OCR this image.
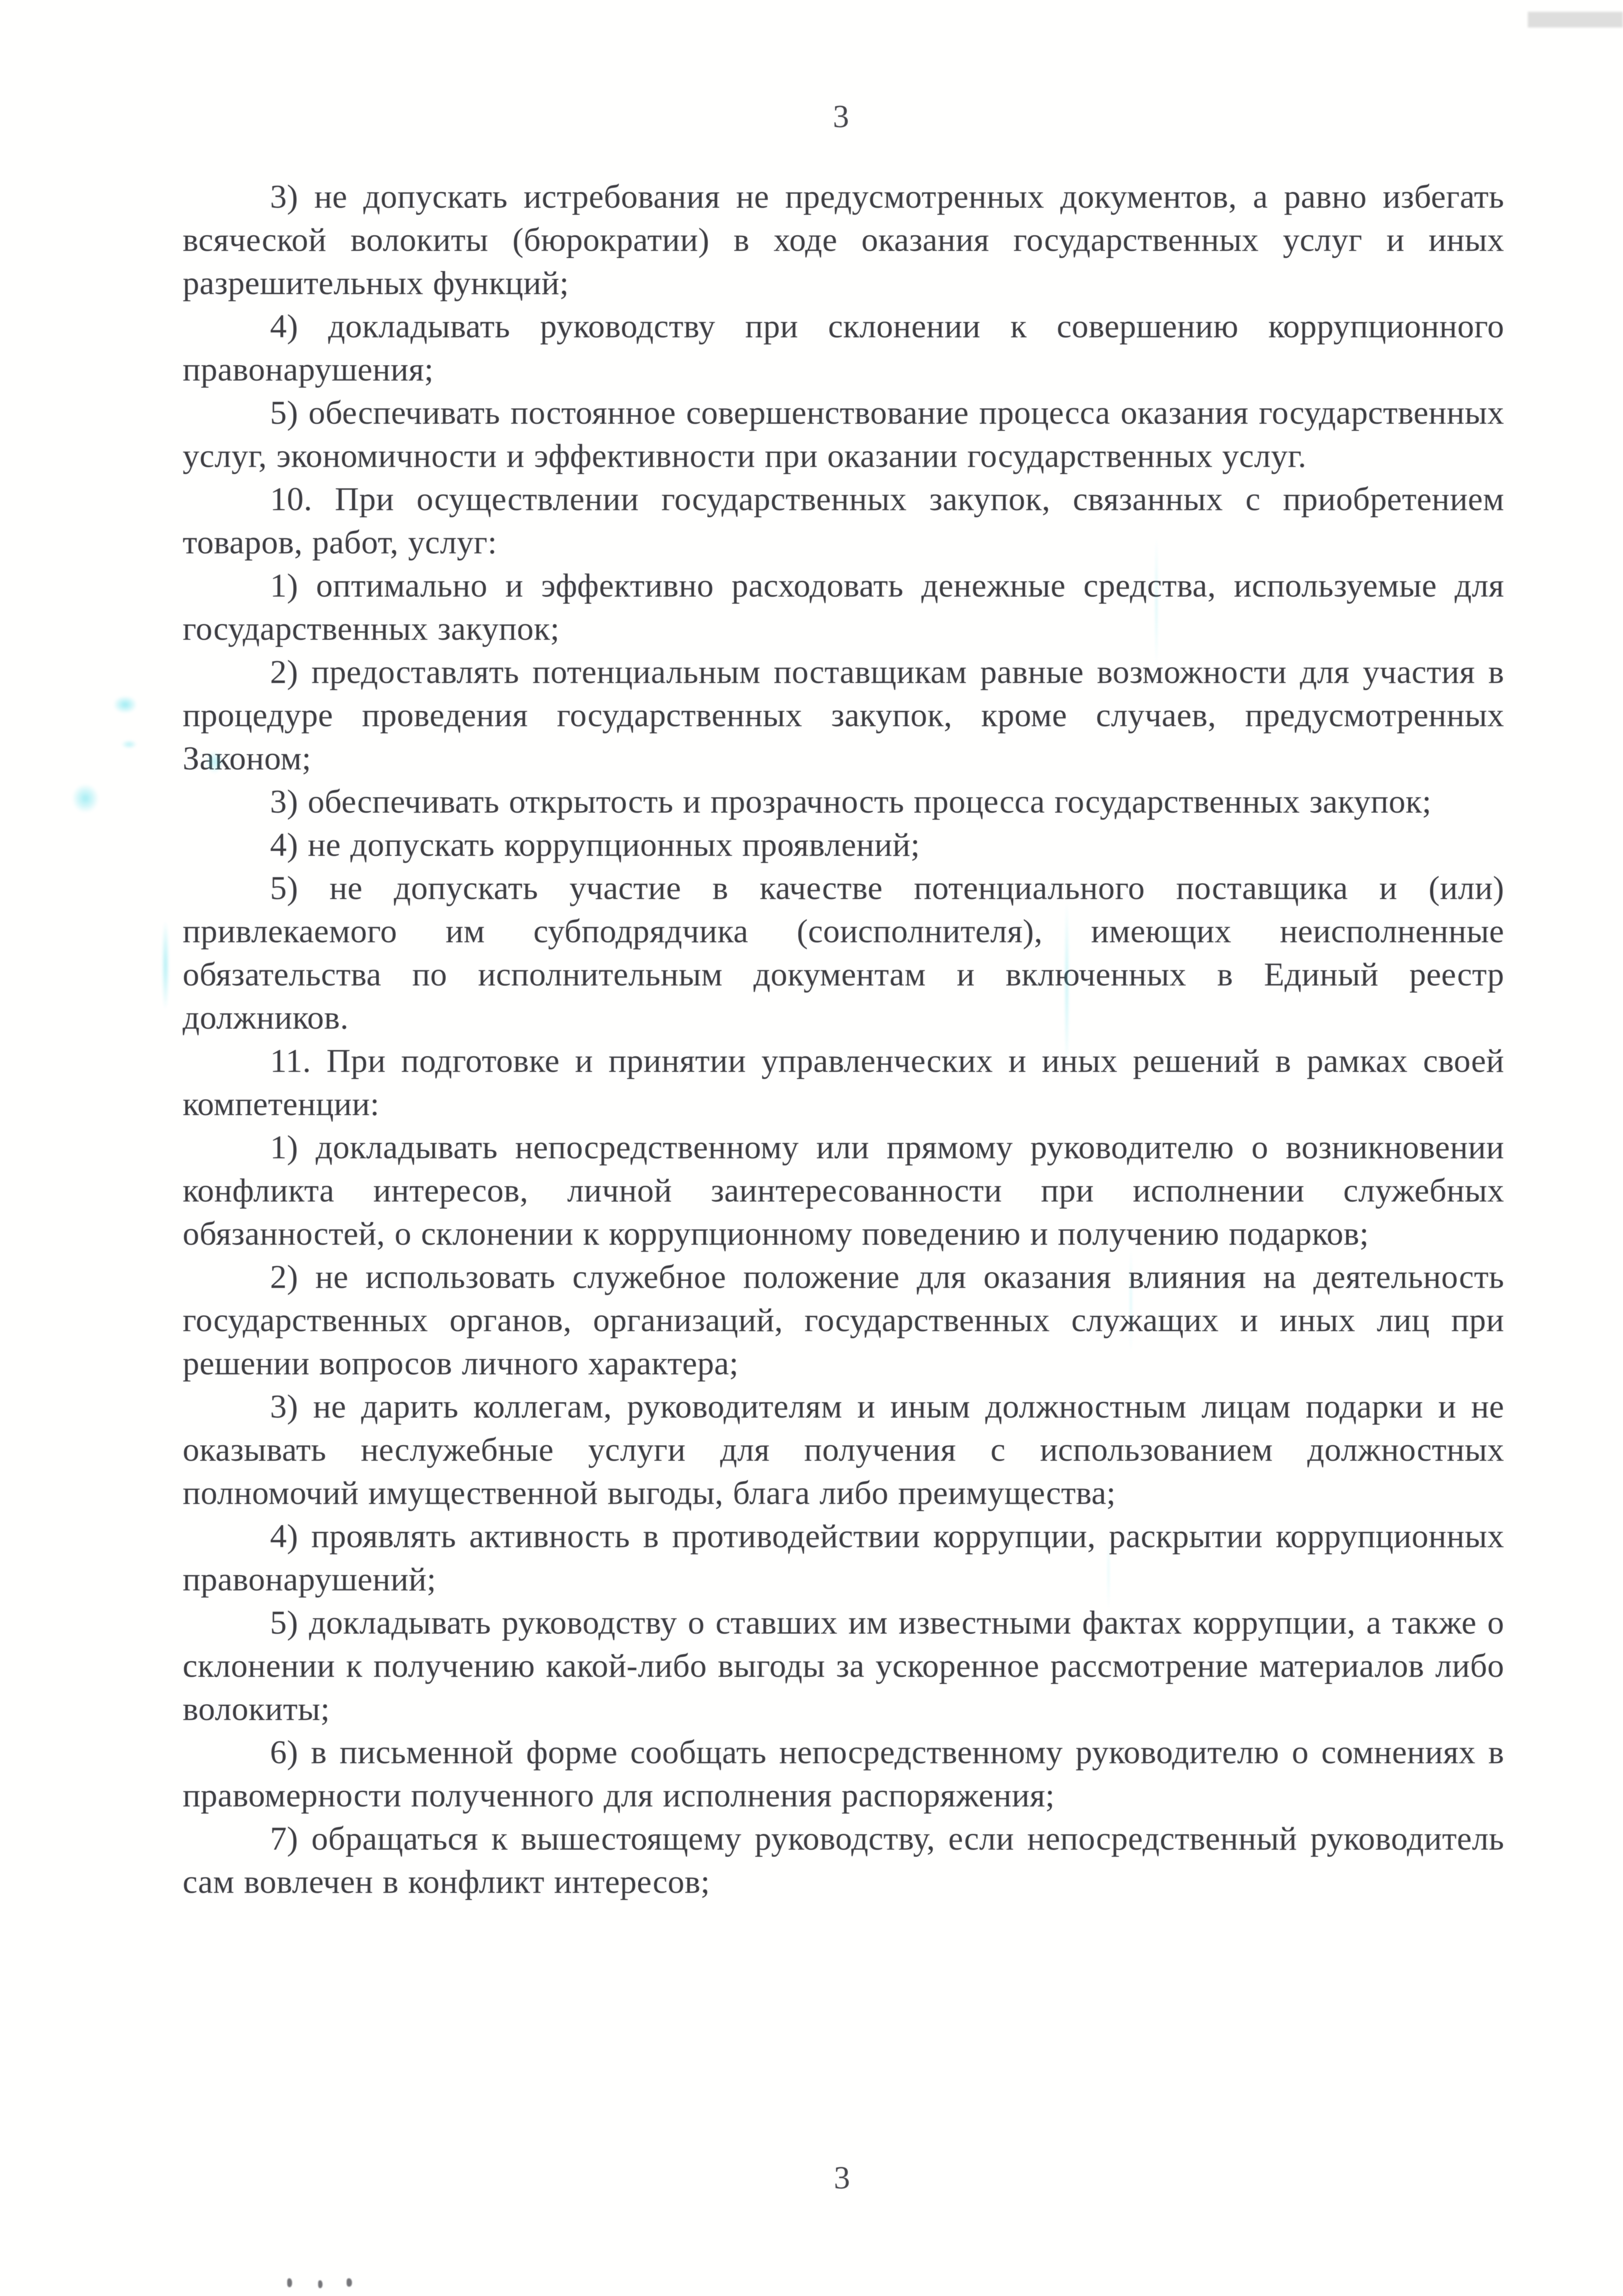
3

3) не допускать истребования не предусмотренных документов, а равно избегать всяческой волокиты (бюрократии) в ходе оказания государственных услуг и иных разрешительных функций;

4) докладывать руководству при склонении к совершению коррупционного правонарушения;

5) обеспечивать постоянное совершенствование процесса оказания государственных услуг, экономичности и эффективности при оказании государственных услуг.

10. При осуществлении государственных закупок, связанных с приобретением товаров, работ, услуг:

1) оптимально и эффективно расходовать денежные средства, используемые для государственных закупок;

2) предоставлять потенциальным поставщикам равные возможности для участия в процедуре проведения государственных закупок, кроме случаев, предусмотренных Законом;

3) обеспечивать открытость и прозрачность процесса государственных закупок;

4) не допускать коррупционных проявлений;

5) не допускать участие в качестве потенциального поставщика и (или) привлекаемого им субподрядчика (соисполнителя), имеющих неисполненные обязательства по исполнительным документам и включенных в Единый реестр должников.

11. При подготовке и принятии управленческих и иных решений в рамках своей компетенции:

1) докладывать непосредственному или прямому руководителю о возникновении конфликта интересов, личной заинтересованности при исполнении служебных обязанностей, о склонении к коррупционному поведению и получению подарков;

2) не использовать служебное положение для оказания влияния на деятельность государственных органов, организаций, государственных служащих и иных лиц при решении вопросов личного характера;

3) не дарить коллегам, руководителям и иным должностным лицам подарки и не оказывать неслужебные услуги для получения с использованием должностных полномочий имущественной выгоды, блага либо преимущества;

4) проявлять активность в противодействии коррупции, раскрытии коррупционных правонарушений;

5) докладывать руководству о ставших им известными фактах коррупции, а также о склонении к получению какой-либо выгоды за ускоренное рассмотрение материалов либо волокиты;

6) в письменной форме сообщать непосредственному руководителю о сомнениях в правомерности полученного для исполнения распоряжения;

7) обращаться к вышестоящему руководству, если непосредственный руководитель сам вовлечен в конфликт интересов;

3
